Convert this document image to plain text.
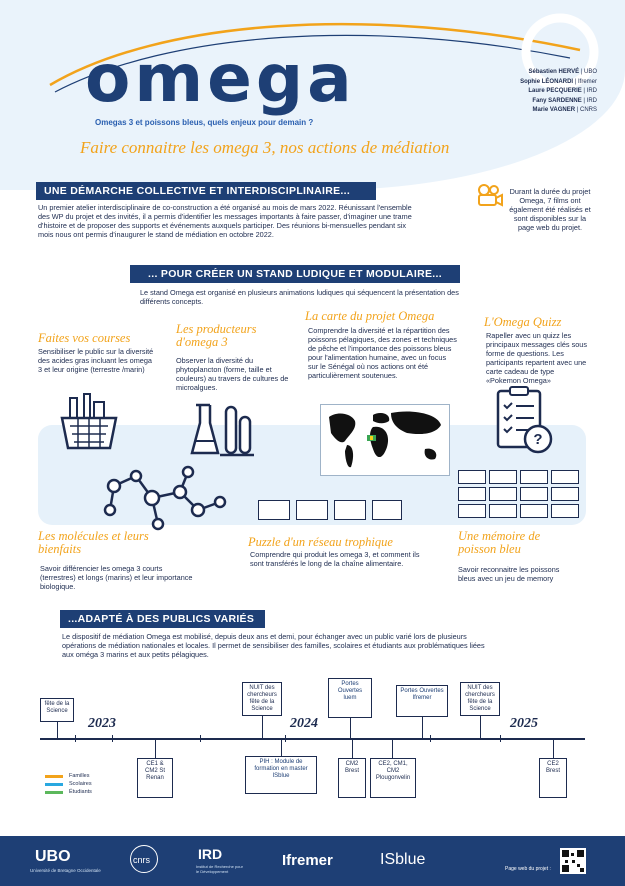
omega	Sébastien HERVÉ | UBO
Sophie LÉONARDI | Ifremer
Laure PECQUERIE | IRD
Fany SARDENNE | IRD
Marie VAGNER | CNRS
Omegas 3 et poissons bleus, quels enjeux pour demain ?
Faire connaitre les omega 3, nos actions de médiation
UNE DÉMARCHE COLLECTIVE ET INTERDISCIPLINAIRE...
Un premier atelier interdisciplinaire de co-construction a été organisé au mois de mars 2022. Réunissant l'ensemble des WP du projet et des invités, il a permis d'identifier les messages importants à faire passer, d'imaginer une trame d'histoire et de proposer des supports et événements auxquels participer. Des réunions bi-mensuelles pendant six mois nous ont permis d'inaugurer le stand de médiation en octobre 2022.
Durant la durée du projet Omega, 7 films ont également été réalisés et sont disponibles sur la page web du projet.
... POUR CRÉER UN STAND LUDIQUE ET MODULAIRE...
Le stand Omega est organisé en plusieurs animations ludiques qui séquencent la présentation des différents concepts.
Faites vos courses
Sensibiliser le public sur la diversité des acides gras incluant les omega 3 et leur origine (terrestre /marin)
Les producteurs d'omega 3
Observer la diversité du phytoplancton (forme, taille et couleurs) au travers de cultures de microalgues.
La carte du projet Omega
Comprendre la diversité et la répartition des poissons pélagiques, des zones et techniques de pêche et l'importance des poissons bleus pour l'alimentation humaine, avec un focus sur le Sénégal où nos actions ont été particulièrement soutenues.
L'Omega Quizz
Rapeller avec un quizz les principaux messages clés sous forme de questions. Les participants repartent avec une carte cadeau de type «Pokemon Omega»
?
Les molécules et leurs bienfaits
Savoir différencier les omega 3 courts (terrestres) et longs (marins) et leur importance biologique.
Puzzle d'un réseau trophique
Comprendre qui produit les omega 3, et comment ils sont transférés le long de la chaîne alimentaire.
Une mémoire de poisson bleu
Savoir reconnaitre les poissons bleus avec un jeu de memory
...ADAPTÉ À DES PUBLICS VARIÉS
Le dispositif de médiation Omega est mobilisé, depuis deux ans et demi, pour échanger avec un public varié lors de plusieurs opérations de médiation nationales et locales. Il permet de sensibiliser des familles, scolaires et étudiants aux problématiques liées aux oméga 3 marins et aux petits pélagiques.
2023	2024	2025
fête de la Science
NUIT des chercheurs fête de la Science
Portes Ouvertes luem
Portes Ouvertes Ifremer
NUIT des chercheurs fête de la Science
CE1 & CM2 St Renan
PIH : Module de formation en master ISblue
CM2 Brest
CE2, CM1, CM2 Plougonvelin
CE2 Brest
Familles
Scolaires
Étudiants
UBO
Université de Bretagne Occidentale
cnrs	IRD
Institut de Recherche pour le Développement
Ifremer	ISblue
Page web du projet :
